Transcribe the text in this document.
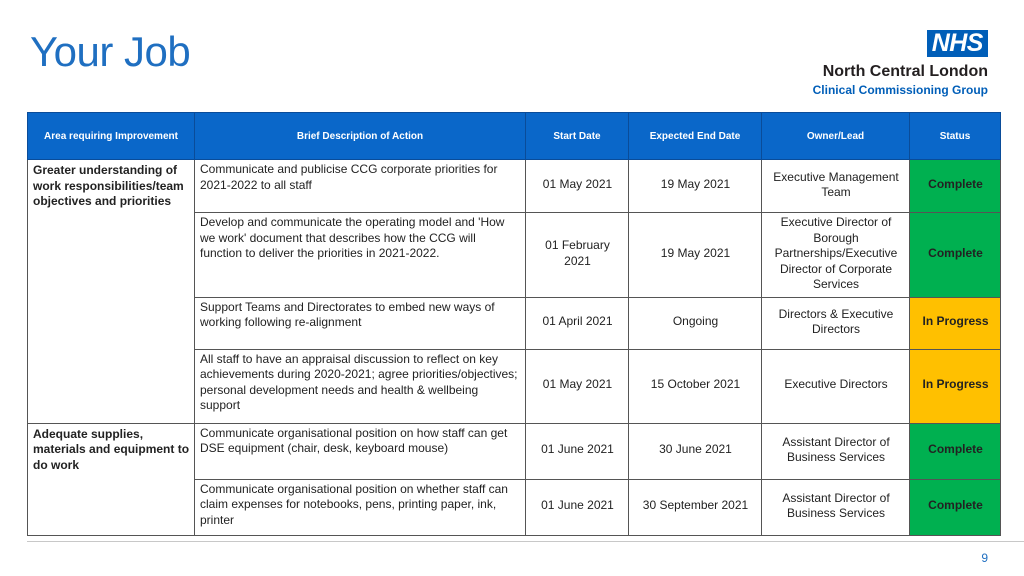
Your Job	NHS
North Central London
Clinical Commissioning Group
Area requiring Improvement	Brief Description of Action	Start Date	Expected End Date	Owner/Lead	Status
Greater understanding of work responsibilities/team objectives and priorities	Communicate and publicise CCG corporate priorities for 2021-2022 to all staff	01 May 2021	19 May 2021	Executive Management Team	Complete
	Develop and communicate the operating model and 'How we work' document that describes how the CCG will function to deliver the priorities in 2021-2022.	01 February 2021	19 May 2021	Executive Director of Borough Partnerships/Executive Director of Corporate Services	Complete
	Support Teams and Directorates to embed new ways of working following re-alignment	01 April 2021	Ongoing	Directors & Executive Directors	In Progress
	All staff to have an appraisal discussion to reflect on key achievements during 2020-2021; agree priorities/objectives; personal development needs and health & wellbeing support	01 May 2021	15 October 2021	Executive Directors	In Progress
Adequate supplies, materials and equipment to do work	Communicate organisational position on how staff can get DSE equipment (chair, desk, keyboard mouse)	01 June 2021	30 June 2021	Assistant Director of Business Services	Complete
	Communicate organisational position on whether staff can claim expenses for notebooks, pens, printing paper, ink, printer	01 June 2021	30 September 2021	Assistant Director of Business Services	Complete
9
